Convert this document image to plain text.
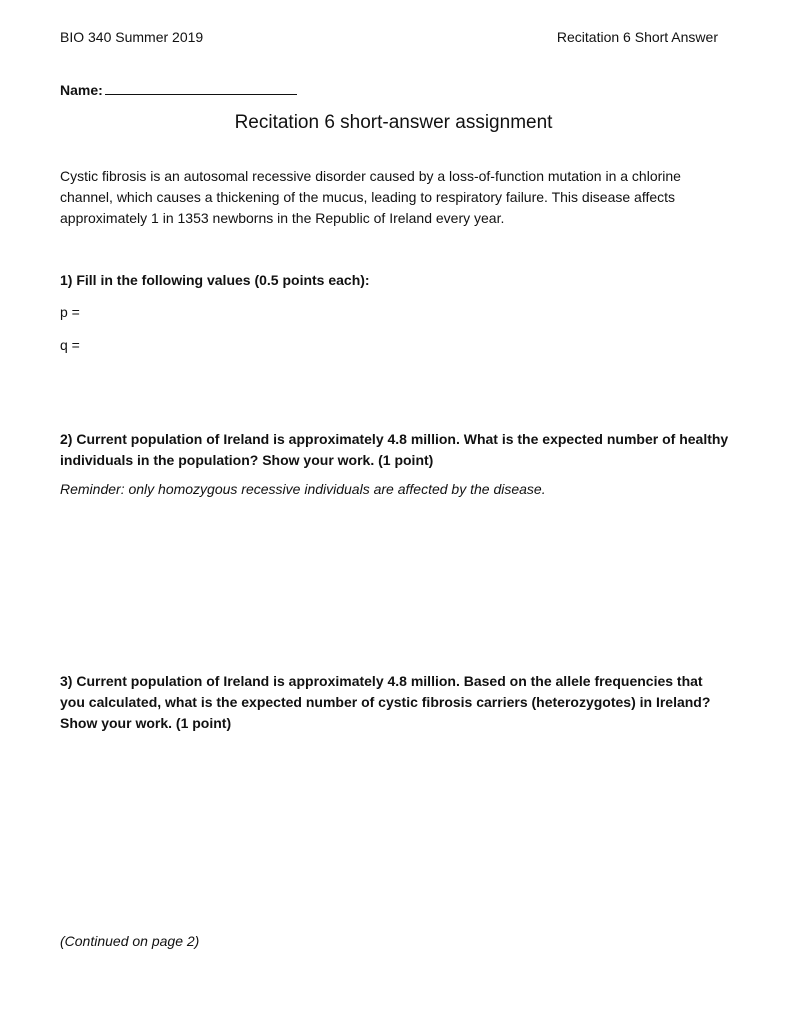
BIO 340 Summer 2019	Recitation 6 Short Answer
Name:
Recitation 6 short-answer assignment
Cystic fibrosis is an autosomal recessive disorder caused by a loss-of-function mutation in a chlorine channel, which causes a thickening of the mucus, leading to respiratory failure. This disease affects approximately 1 in 1353 newborns in the Republic of Ireland every year.
1) Fill in the following values (0.5 points each):
p =
q =
2) Current population of Ireland is approximately 4.8 million. What is the expected number of healthy individuals in the population? Show your work. (1 point)
Reminder: only homozygous recessive individuals are affected by the disease.
3) Current population of Ireland is approximately 4.8 million. Based on the allele frequencies that you calculated, what is the expected number of cystic fibrosis carriers (heterozygotes) in Ireland? Show your work. (1 point)
(Continued on page 2)
